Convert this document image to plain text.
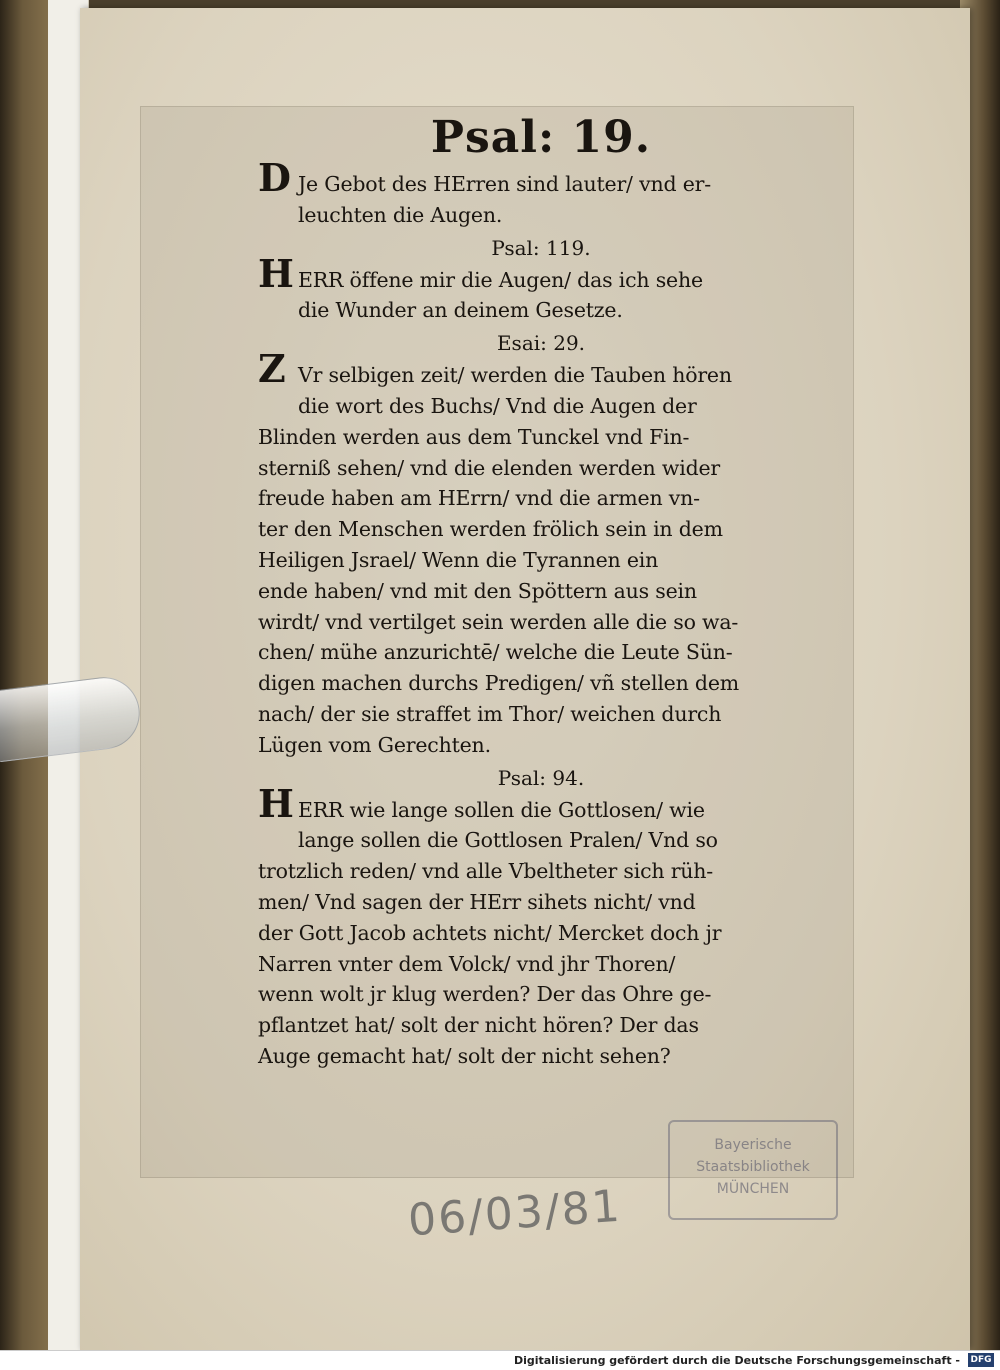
Psal: 19.
D Je Gebot des HErren sind lauter/ vnd er-
leuchten die Augen.
Psal: 119.
HERR öffene mir die Augen/ das ich sehe
die Wunder an deinem Gesetze.
Esai: 29.
Z Vr selbigen zeit/ werden die Tauben hören
die wort des Buchs/ Vnd die Augen der
Blinden werden aus dem Tunckel vnd Fin-
sterniß sehen/ vnd die elenden werden wider
freude haben am HErrn/ vnd die armen vn-
ter den Menschen werden frölich sein in dem
Heiligen Jsrael/ Wenn die Tyrannen ein
ende haben/ vnd mit den Spöttern aus sein
wirdt/ vnd vertilget sein werden alle die so wa-
chen/ mühe anzurichtē/ welche die Leute Sün-
digen machen durchs Predigen/ vñ stellen dem
nach/ der sie straffet im Thor/ weichen durch
Lügen vom Gerechten.
Psal: 94.
HERR wie lange sollen die Gottlosen/ wie
lange sollen die Gottlosen Pralen/ Vnd so
trotzlich reden/ vnd alle Vbeltheter sich rüh-
men/ Vnd sagen der HErr sihets nicht/ vnd
der Gott Jacob achtets nicht/ Mercket doch jr
Narren vnter dem Volck/ vnd jhr Thoren/
wenn wolt jr klug werden? Der das Ohre ge-
pflantzet hat/ solt der nicht hören? Der das
Auge gemacht hat/ solt der nicht sehen?
Bayerische
Staatsbibliothek
MÜNCHEN
06/03/81
Digitalisierung gefördert durch die Deutsche Forschungsgemeinschaft - DFG
